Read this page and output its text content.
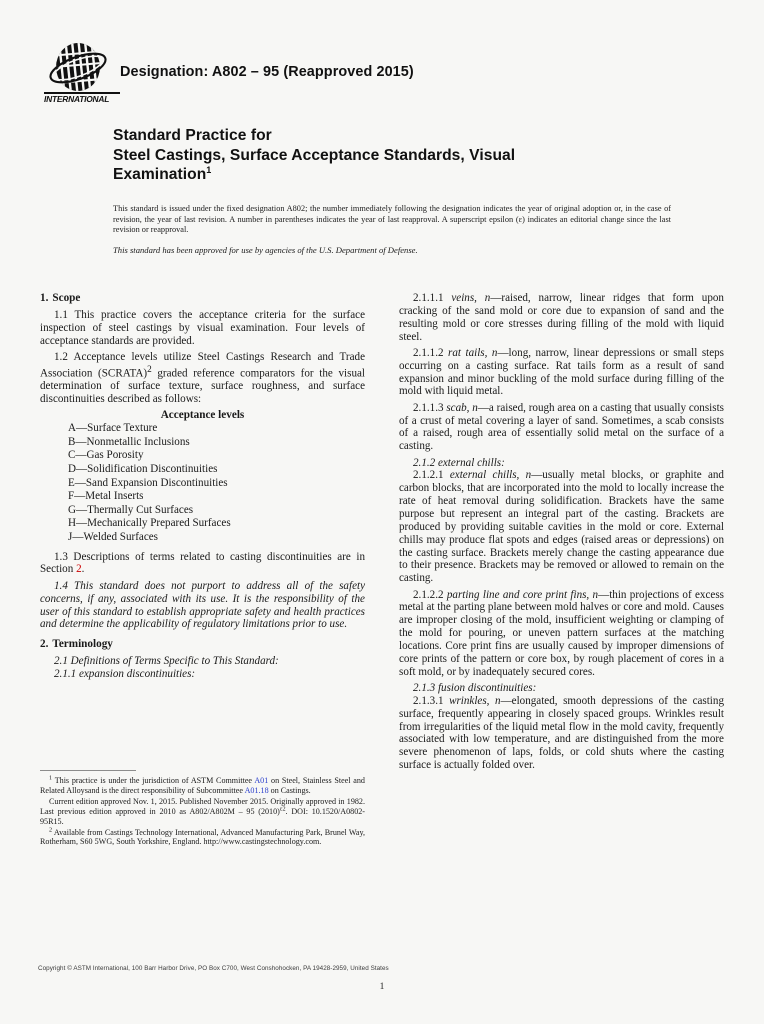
INTERNATIONAL
Designation: A802 – 95 (Reapproved 2015)
Standard Practice for
Steel Castings, Surface Acceptance Standards, Visual
Examination$^1$

This standard is issued under the fixed designation A802; the number immediately following the designation indicates the year of original adoption or, in the case of revision, the year of last revision. A number in parentheses indicates the year of last reapproval. A superscript epsilon (ε) indicates an editorial change since the last revision or reapproval.

This standard has been approved for use by agencies of the U.S. Department of Defense.

1. Scope

1.1 This practice covers the acceptance criteria for the surface inspection of steel castings by visual examination. Four levels of acceptance standards are provided.

1.2 Acceptance levels utilize Steel Castings Research and Trade Association (SCRATA)$^2$ graded reference comparators for the visual determination of surface texture, surface roughness, and surface discontinuities described as follows:

Acceptance levels

A—Surface Texture
B—Nonmetallic Inclusions
C—Gas Porosity
D—Solidification Discontinuities
E—Sand Expansion Discontinuities
F—Metal Inserts
G—Thermally Cut Surfaces
H—Mechanically Prepared Surfaces
J—Welded Surfaces

1.3 Descriptions of terms related to casting discontinuities are in Section 2.

1.4 This standard does not purport to address all of the safety concerns, if any, associated with its use. It is the responsibility of the user of this standard to establish appropriate safety and health practices and determine the applicability of regulatory limitations prior to use.

2. Terminology

2.1 Definitions of Terms Specific to This Standard:

2.1.1 expansion discontinuities:

2.1.1.1 veins, n—raised, narrow, linear ridges that form upon cracking of the sand mold or core due to expansion of sand and the resulting mold or core stresses during filling of the mold with liquid steel.

2.1.1.2 rat tails, n—long, narrow, linear depressions or small steps occurring on a casting surface. Rat tails form as a result of sand expansion and minor buckling of the mold surface during filling of the mold with liquid metal.

2.1.1.3 scab, n—a raised, rough area on a casting that usually consists of a crust of metal covering a layer of sand. Sometimes, a scab consists of a raised, rough area of essentially solid metal on the surface of a casting.

2.1.2 external chills:

2.1.2.1 external chills, n—usually metal blocks, or graphite and carbon blocks, that are incorporated into the mold to locally increase the rate of heat removal during solidification. Brackets have the same purpose but represent an integral part of the casting. Brackets are produced by providing suitable cavities in the mold or core. External chills may produce flat spots and edges (raised areas or depressions) on the casting surface. Brackets merely change the casting appearance due to their presence. Brackets may be removed or allowed to remain on the casting.

2.1.2.2 parting line and core print fins, n—thin projections of excess metal at the parting plane between mold halves or core and mold. Causes are improper closing of the mold, insufficient weighting or clamping of the mold for pouring, or uneven pattern surfaces at the matching locations. Core print fins are usually caused by improper dimensions of core prints of the pattern or core box, by rough placement of cores in a soft mold, or by inadequately secured cores.

2.1.3 fusion discontinuities:

2.1.3.1 wrinkles, n—elongated, smooth depressions of the casting surface, frequently appearing in closely spaced groups. Wrinkles result from irregularities of the liquid metal flow in the mold cavity, frequently associated with low temperature, and are distinguished from the more severe phenomenon of laps, folds, or cold shuts where the casting surface is actually folded over.

$^1$ This practice is under the jurisdiction of ASTM Committee A01 on Steel, Stainless Steel and Related Alloysand is the direct responsibility of Subcommittee A01.18 on Castings.

Current edition approved Nov. 1, 2015. Published November 2015. Originally approved in 1982. Last previous edition approved in 2010 as A802/A802M – 95 $(2010)^{\varepsilon 2}$. DOI: 10.1520/A0802-95R15.

$^2$ Available from Castings Technology International, Advanced Manufacturing Park, Brunel Way, Rotherham, S60 5WG, South Yorkshire, England. http://www.castingstechnology.com.

Copyright © ASTM International, 100 Barr Harbor Drive, PO Box C700, West Conshohocken, PA 19428-2959, United States
1
